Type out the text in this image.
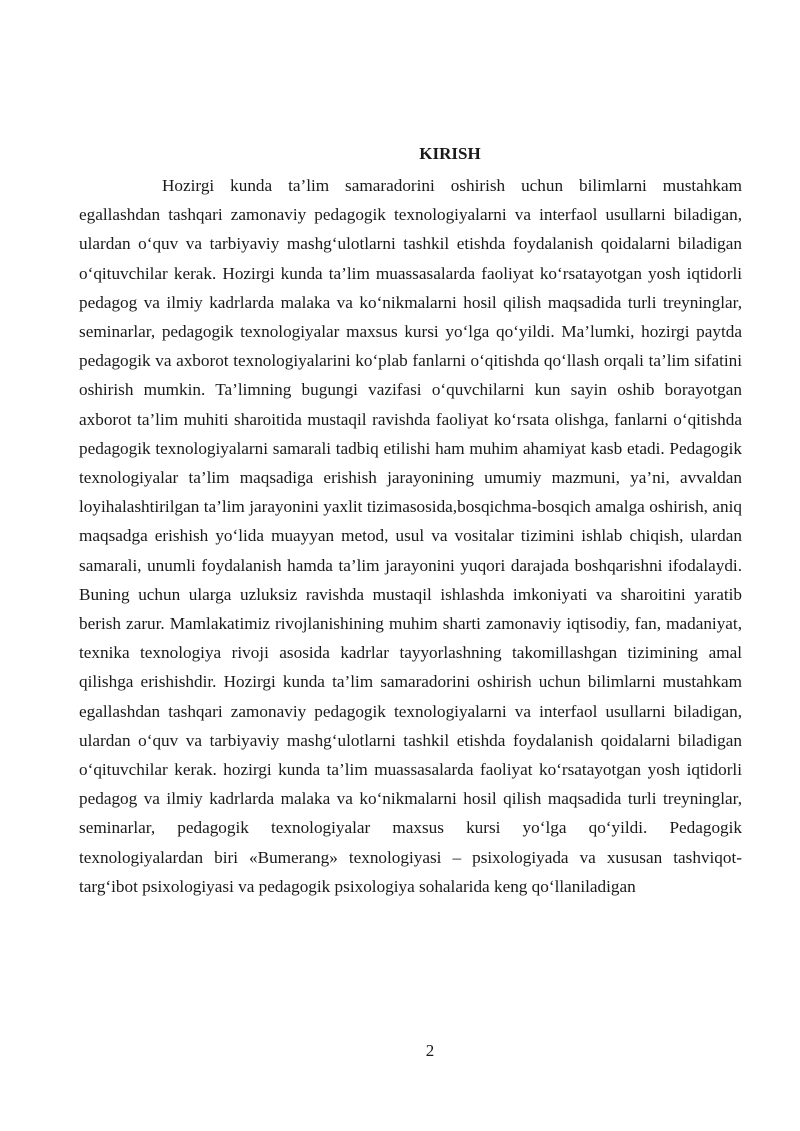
KIRISH

Hozirgi kunda ta’lim samaradorini oshirish uchun bilimlarni mustahkam egallashdan tashqari zamonaviy pedagogik texnologiyalarni va interfaol usullarni biladigan, ulardan o‘quv va tarbiyaviy mashg‘ulotlarni tashkil etishda foydalanish qoidalarni biladigan o‘qituvchilar kerak. Hozirgi kunda ta’lim muassasalarda faoliyat ko‘rsatayotgan yosh iqtidorli pedagog va ilmiy kadrlarda malaka va ko‘nikmalarni hosil qilish maqsadida turli treyninglar, seminarlar, pedagogik texnologiyalar maxsus kursi yo‘lga qo‘yildi. Ma’lumki, hozirgi paytda pedagogik va axborot texnologiyalarini ko‘plab fanlarni o‘qitishda qo‘llash orqali ta’lim sifatini oshirish mumkin. Ta’limning bugungi vazifasi o‘quvchilarni kun sayin oshib borayotgan axborot ta’lim muhiti sharoitida mustaqil ravishda faoliyat ko‘rsata olishga, fanlarni o‘qitishda pedagogik texnologiyalarni samarali tadbiq etilishi ham muhim ahamiyat kasb etadi. Pedagogik texnologiyalar ta’lim maqsadiga erishish jarayonining umumiy mazmuni, ya’ni, avvaldan loyihalashtirilgan ta’lim jarayonini yaxlit tizimasosida,bosqichma-bosqich amalga oshirish, aniq maqsadga erishish yo‘lida muayyan metod, usul va vositalar tizimini ishlab chiqish, ulardan samarali, unumli foydalanish hamda ta’lim jarayonini yuqori darajada boshqarishni ifodalaydi. Buning uchun ularga uzluksiz ravishda mustaqil ishlashda imkoniyati va sharoitini yaratib berish zarur. Mamlakatimiz rivojlanishining muhim sharti zamonaviy iqtisodiy, fan, madaniyat, texnika texnologiya rivoji asosida kadrlar tayyorlashning takomillashgan tizimining amal qilishga erishishdir. Hozirgi kunda ta’lim samaradorini oshirish uchun bilimlarni mustahkam egallashdan tashqari zamonaviy pedagogik texnologiyalarni va interfaol usullarni biladigan, ulardan o‘quv va tarbiyaviy mashg‘ulotlarni tashkil etishda foydalanish qoidalarni biladigan o‘qituvchilar kerak. hozirgi kunda ta’lim muassasalarda faoliyat ko‘rsatayotgan yosh iqtidorli pedagog va ilmiy kadrlarda malaka va ko‘nikmalarni hosil qilish maqsadida turli treyninglar, seminarlar, pedagogik texnologiyalar maxsus kursi yo‘lga qo‘yildi. Pedagogik texnologiyalardan biri «Bumerang» texnologiyasi – psixologiyada va xususan tashviqot-targ‘ibot psixologiyasi va pedagogik psixologiya sohalarida keng qo‘llaniladigan

2
